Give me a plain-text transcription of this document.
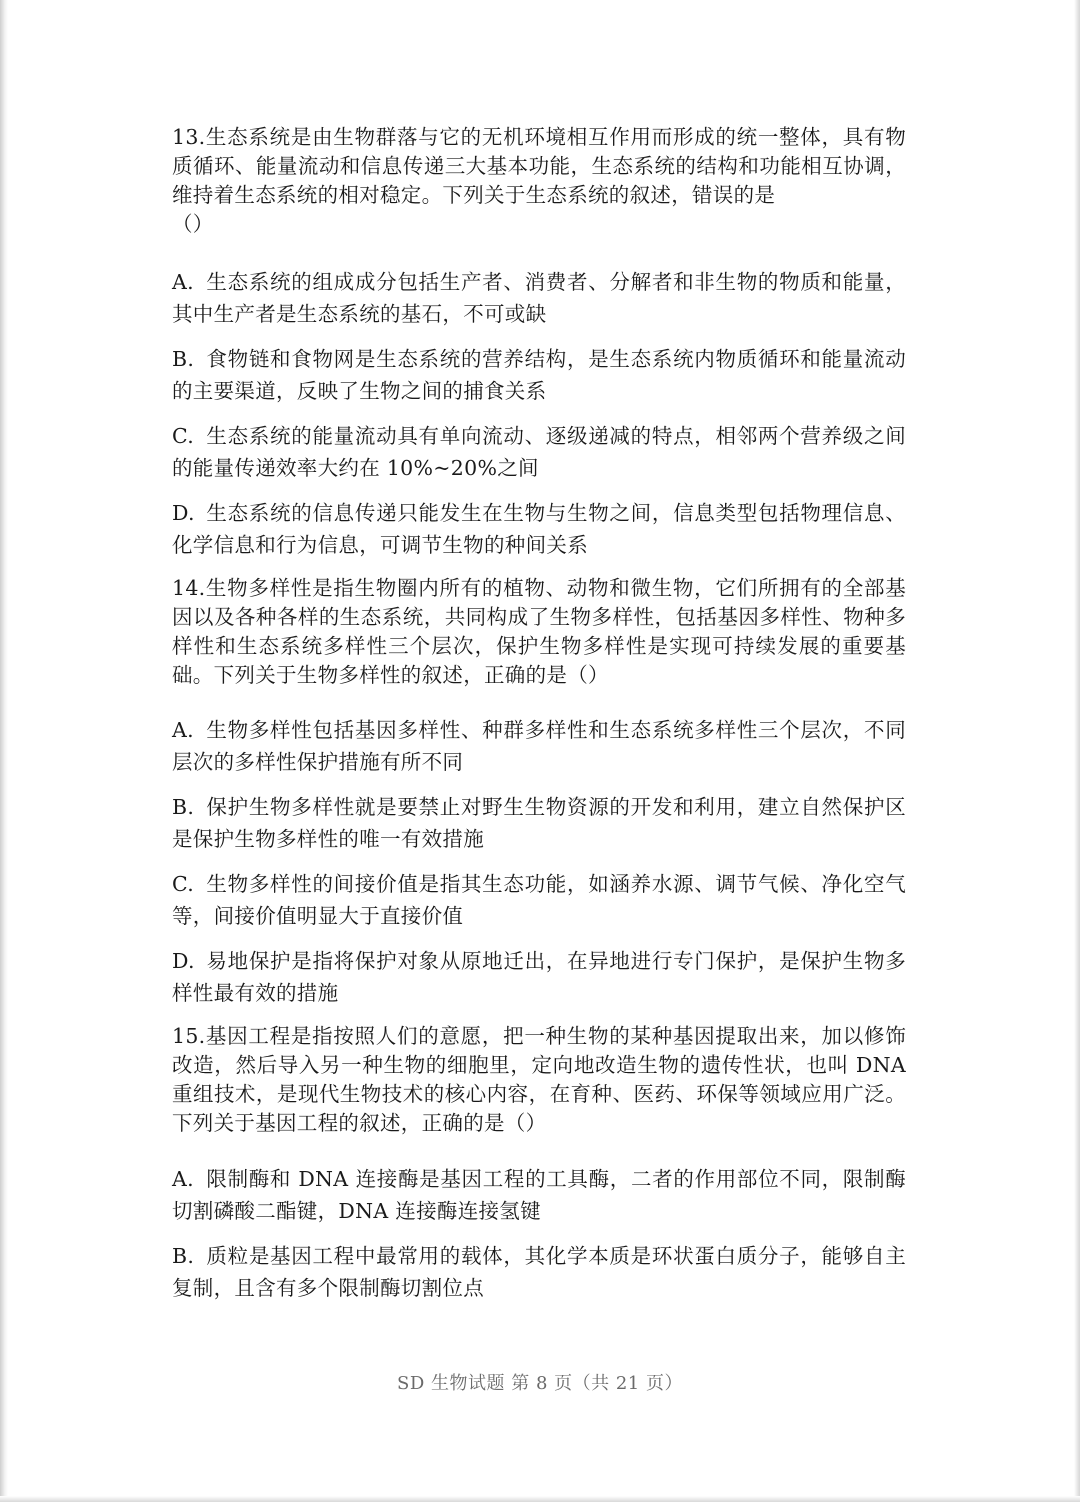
13.生态系统是由生物群落与它的无机环境相互作用而形成的统一整体，具有物质循环、能量流动和信息传递三大基本功能，生态系统的结构和功能相互协调，维持着生态系统的相对稳定。下列关于生态系统的叙述，错误的是
（）

A. 生态系统的组成成分包括生产者、消费者、分解者和非生物的物质和能量，其中生产者是生态系统的基石，不可或缺

B. 食物链和食物网是生态系统的营养结构，是生态系统内物质循环和能量流动的主要渠道，反映了生物之间的捕食关系

C. 生态系统的能量流动具有单向流动、逐级递减的特点，相邻两个营养级之间的能量传递效率大约在 10%~20%之间

D. 生态系统的信息传递只能发生在生物与生物之间，信息类型包括物理信息、化学信息和行为信息，可调节生物的种间关系

14.生物多样性是指生物圈内所有的植物、动物和微生物，它们所拥有的全部基因以及各种各样的生态系统，共同构成了生物多样性，包括基因多样性、物种多样性和生态系统多样性三个层次，保护生物多样性是实现可持续发展的重要基础。下列关于生物多样性的叙述，正确的是（）

A. 生物多样性包括基因多样性、种群多样性和生态系统多样性三个层次，不同层次的多样性保护措施有所不同

B. 保护生物多样性就是要禁止对野生生物资源的开发和利用，建立自然保护区是保护生物多样性的唯一有效措施

C. 生物多样性的间接价值是指其生态功能，如涵养水源、调节气候、净化空气等，间接价值明显大于直接价值

D. 易地保护是指将保护对象从原地迁出，在异地进行专门保护，是保护生物多样性最有效的措施

15.基因工程是指按照人们的意愿，把一种生物的某种基因提取出来，加以修饰改造，然后导入另一种生物的细胞里，定向地改造生物的遗传性状，也叫 DNA 重组技术，是现代生物技术的核心内容，在育种、医药、环保等领域应用广泛。下列关于基因工程的叙述，正确的是（）

A. 限制酶和 DNA 连接酶是基因工程的工具酶，二者的作用部位不同，限制酶切割磷酸二酯键，DNA 连接酶连接氢键

B. 质粒是基因工程中最常用的载体，其化学本质是环状蛋白质分子，能够自主复制，且含有多个限制酶切割位点

SD 生物试题 第 8 页（共 21 页）
